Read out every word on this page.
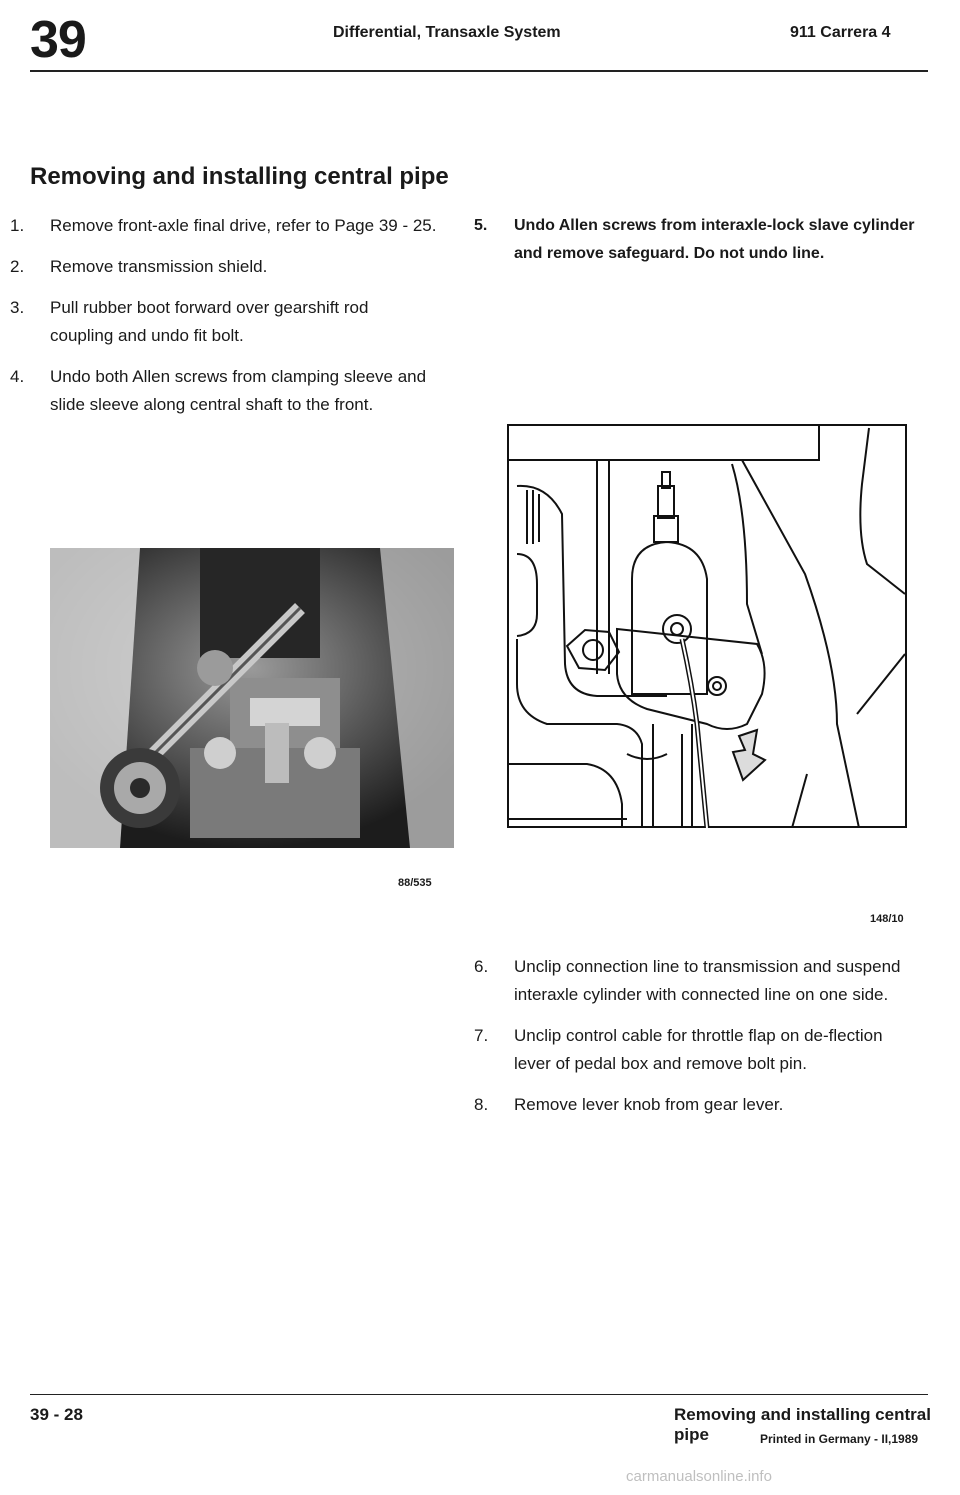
39	Differential, Transaxle System	911 Carrera 4
Removing and installing central pipe
1. Remove front-axle final drive, refer to Page 39 - 25.
2. Remove transmission shield.
3. Pull rubber boot forward over gearshift rod coupling and undo fit bolt.
4. Undo both Allen screws from clamping sleeve and slide sleeve along central shaft to the front.
88/535
5. Undo Allen screws from interaxle-lock slave cylinder and remove safeguard. Do not undo line.
148/10
6. Unclip connection line to transmission and suspend interaxle cylinder with connected line on one side.
7. Unclip control cable for throttle flap on de-flection lever of pedal box and remove bolt pin.
8. Remove lever knob from gear lever.
39 - 28	Removing and installing central pipe	Printed in Germany - II,1989
carmanualsonline.info
